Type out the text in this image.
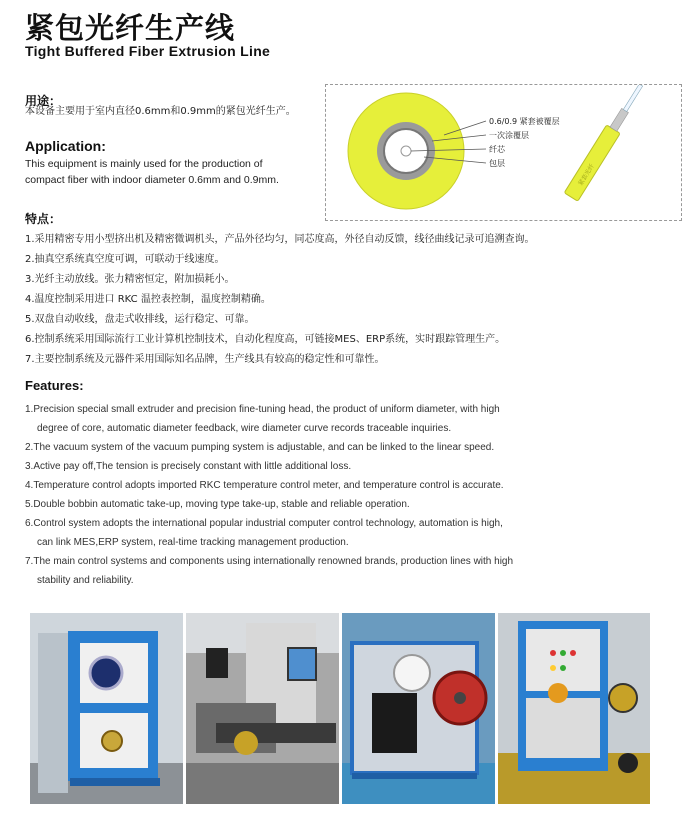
紧包光纤生产线
Tight Buffered Fiber Extrusion Line
用途：
本设备主要用于室内直径0.6mm和0.9mm的紧包光纤生产。
Application:
This equipment is mainly used for the production of
compact fiber with indoor diameter 0.6mm and 0.9mm.
0.6/0.9 紧套被覆层
一次涂覆层
纤芯
包层	紧套光纤
特点：
1.采用精密专用小型挤出机及精密微调机头，产品外径均匀，同芯度高，外径自动反馈，线径曲线记录可追溯查询。
2.抽真空系统真空度可调，可联动于线速度。
3.光纤主动放线。张力精密恒定，附加损耗小。
4.温度控制采用进口 RKC 温控表控制，温度控制精确。
5.双盘自动收线，盘走式收排线，运行稳定、可靠。
6.控制系统采用国际流行工业计算机控制技术，自动化程度高，可链接MES、ERP系统，实时跟踪管理生产。
7.主要控制系统及元器件采用国际知名品牌，生产线具有较高的稳定性和可靠性。
Features:
1.Precision special small extruder and precision fine-tuning head, the product of uniform diameter, with high
degree of core, automatic diameter feedback, wire diameter curve records traceable inquiries.
2.The vacuum system of the vacuum pumping system is adjustable, and can be linked to the linear speed.
3.Active pay off,The tension is precisely constant with little additional loss.
4.Temperature control adopts imported RKC temperature control meter, and temperature control is accurate.
5.Double bobbin automatic take-up, moving type take-up, stable and reliable operation.
6.Control system adopts the international popular industrial computer control technology, automation is high,
can link MES,ERP system, real-time tracking management production.
7.The main control systems and components using internationally renowned brands, production lines with high
stability and reliability.
